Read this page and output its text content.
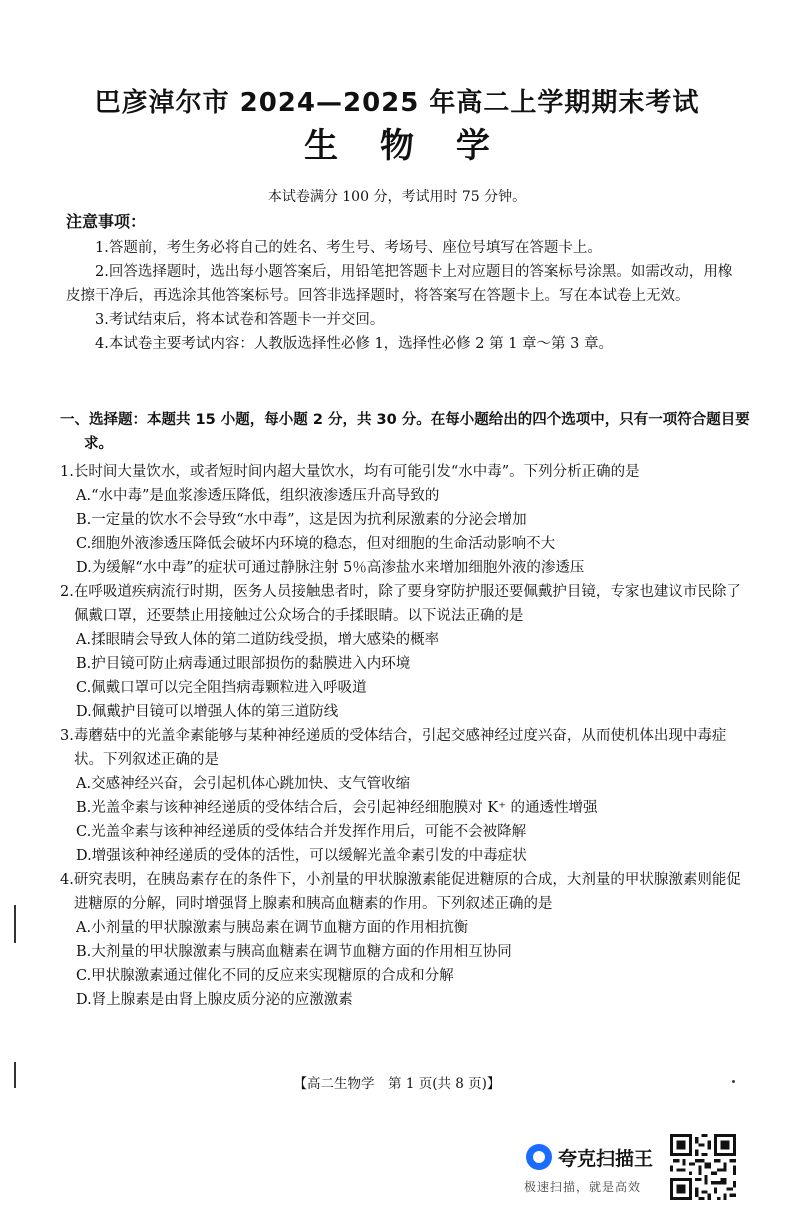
巴彦淖尔市 2024—2025 年高二上学期期末考试
生 物 学
本试卷满分 100 分，考试用时 75 分钟。
注意事项：

1.答题前，考生务必将自己的姓名、考生号、考场号、座位号填写在答题卡上。

2.回答选择题时，选出每小题答案后，用铅笔把答题卡上对应题目的答案标号涂黑。如需改动，用橡皮擦干净后，再选涂其他答案标号。回答非选择题时，将答案写在答题卡上。写在本试卷上无效。

3.考试结束后，将本试卷和答题卡一并交回。

4.本试卷主要考试内容：人教版选择性必修 1，选择性必修 2 第 1 章～第 3 章。

一、选择题：本题共 15 小题，每小题 2 分，共 30 分。在每小题给出的四个选项中，只有一项符合题目要求。
1.长时间大量饮水，或者短时间内超大量饮水，均有可能引发“水中毒”。下列分析正确的是
A.“水中毒”是血浆渗透压降低，组织液渗透压升高导致的
B.一定量的饮水不会导致“水中毒”，这是因为抗利尿激素的分泌会增加
C.细胞外液渗透压降低会破坏内环境的稳态，但对细胞的生命活动影响不大
D.为缓解“水中毒”的症状可通过静脉注射 5％高渗盐水来增加细胞外液的渗透压
2.在呼吸道疾病流行时期，医务人员接触患者时，除了要身穿防护服还要佩戴护目镜，专家也建议市民除了佩戴口罩，还要禁止用接触过公众场合的手揉眼睛。以下说法正确的是
A.揉眼睛会导致人体的第二道防线受损，增大感染的概率
B.护目镜可防止病毒通过眼部损伤的黏膜进入内环境
C.佩戴口罩可以完全阻挡病毒颗粒进入呼吸道
D.佩戴护目镜可以增强人体的第三道防线
3.毒蘑菇中的光盖伞素能够与某种神经递质的受体结合，引起交感神经过度兴奋，从而使机体出现中毒症状。下列叙述正确的是
A.交感神经兴奋，会引起机体心跳加快、支气管收缩
B.光盖伞素与该种神经递质的受体结合后，会引起神经细胞膜对 K⁺ 的通透性增强
C.光盖伞素与该种神经递质的受体结合并发挥作用后，可能不会被降解
D.增强该种神经递质的受体的活性，可以缓解光盖伞素引发的中毒症状
4.研究表明，在胰岛素存在的条件下，小剂量的甲状腺激素能促进糖原的合成，大剂量的甲状腺激素则能促进糖原的分解，同时增强肾上腺素和胰高血糖素的作用。下列叙述正确的是
A.小剂量的甲状腺激素与胰岛素在调节血糖方面的作用相抗衡
B.大剂量的甲状腺激素与胰高血糖素在调节血糖方面的作用相互协同
C.甲状腺激素通过催化不同的反应来实现糖原的合成和分解
D.肾上腺素是由肾上腺皮质分泌的应激激素
【高二生物学　第 1 页(共 8 页)】
夸克扫描王
极速扫描，就是高效
